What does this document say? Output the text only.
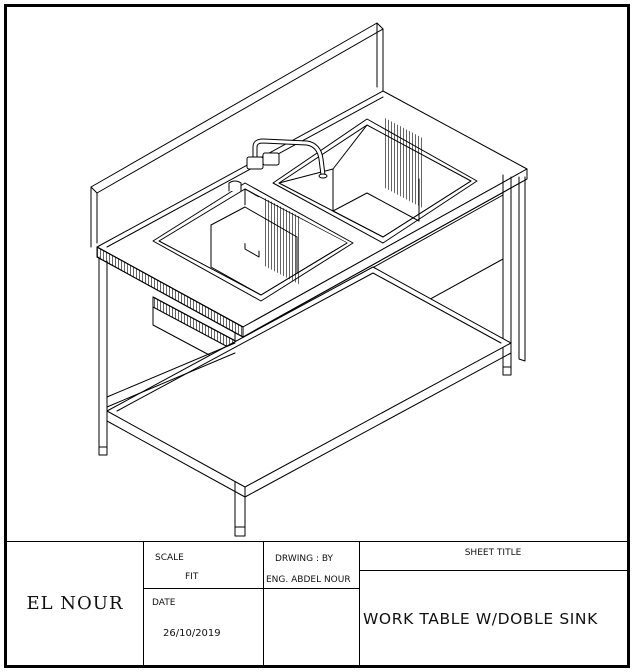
EL NOUR
SCALE
FIT
DATE
26/10/2019
DRWING : BY
ENG. ABDEL NOUR
SHEET TITLE
WORK TABLE W/DOBLE SINK
